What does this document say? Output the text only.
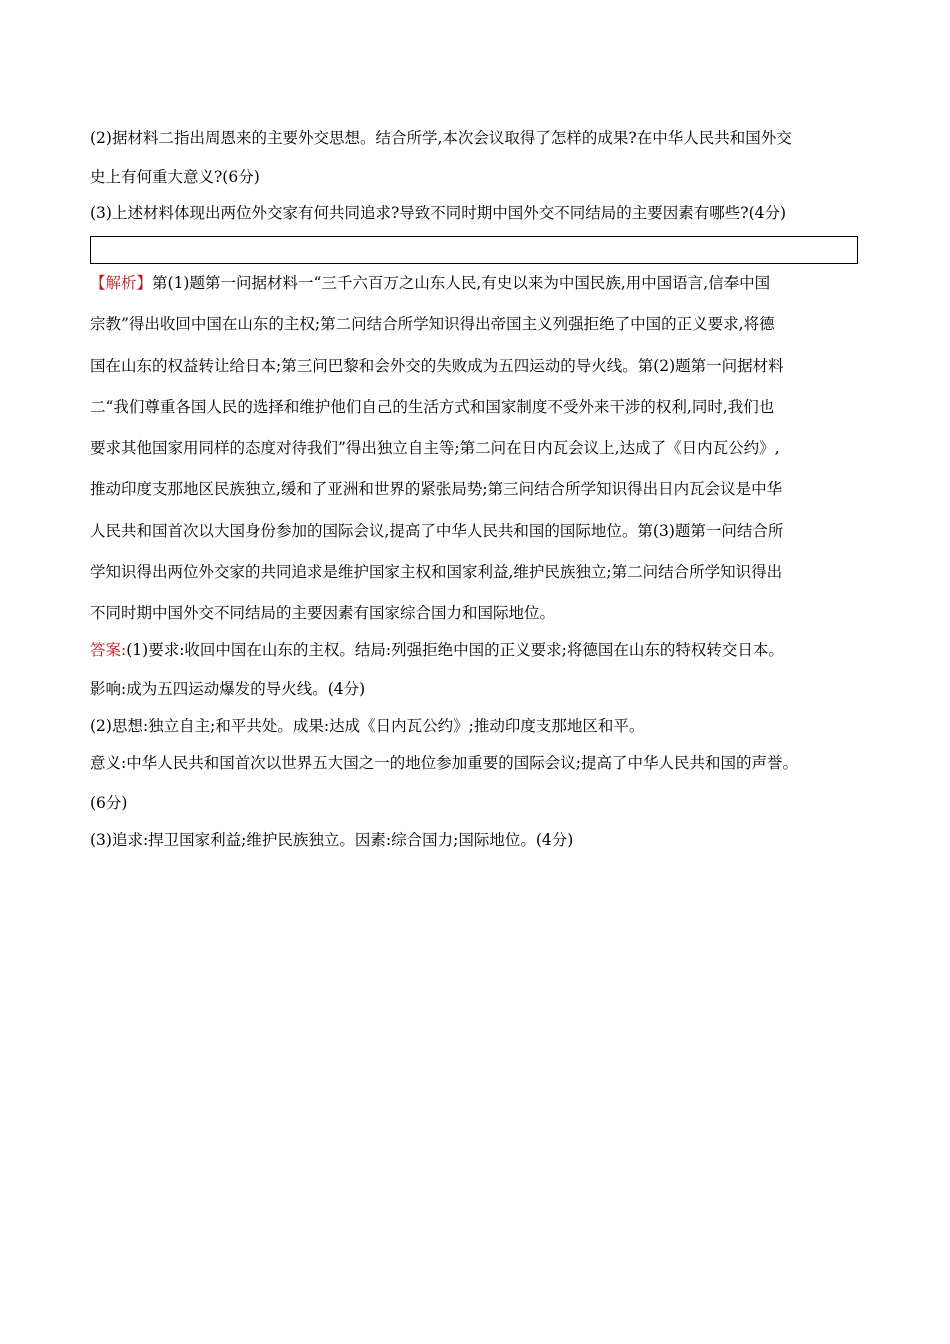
(2)据材料二指出周恩来的主要外交思想。结合所学,本次会议取得了怎样的成果?在中华人民共和国外交
史上有何重大意义?(6分)
(3)上述材料体现出两位外交家有何共同追求?导致不同时期中国外交不同结局的主要因素有哪些?(4分)
【解析】第(1)题第一问据材料一“三千六百万之山东人民,有史以来为中国民族,用中国语言,信奉中国
宗教”得出收回中国在山东的主权;第二问结合所学知识得出帝国主义列强拒绝了中国的正义要求,将德
国在山东的权益转让给日本;第三问巴黎和会外交的失败成为五四运动的导火线。第(2)题第一问据材料
二“我们尊重各国人民的选择和维护他们自己的生活方式和国家制度不受外来干涉的权利,同时,我们也
要求其他国家用同样的态度对待我们”得出独立自主等;第二问在日内瓦会议上,达成了《日内瓦公约》,
推动印度支那地区民族独立,缓和了亚洲和世界的紧张局势;第三问结合所学知识得出日内瓦会议是中华
人民共和国首次以大国身份参加的国际会议,提高了中华人民共和国的国际地位。第(3)题第一问结合所
学知识得出两位外交家的共同追求是维护国家主权和国家利益,维护民族独立;第二问结合所学知识得出
不同时期中国外交不同结局的主要因素有国家综合国力和国际地位。
答案:(1)要求:收回中国在山东的主权。结局:列强拒绝中国的正义要求;将德国在山东的特权转交日本。
影响:成为五四运动爆发的导火线。(4分)
(2)思想:独立自主;和平共处。成果:达成《日内瓦公约》;推动印度支那地区和平。
意义:中华人民共和国首次以世界五大国之一的地位参加重要的国际会议;提高了中华人民共和国的声誉。
(6分)
(3)追求:捍卫国家利益;维护民族独立。因素:综合国力;国际地位。(4分)
